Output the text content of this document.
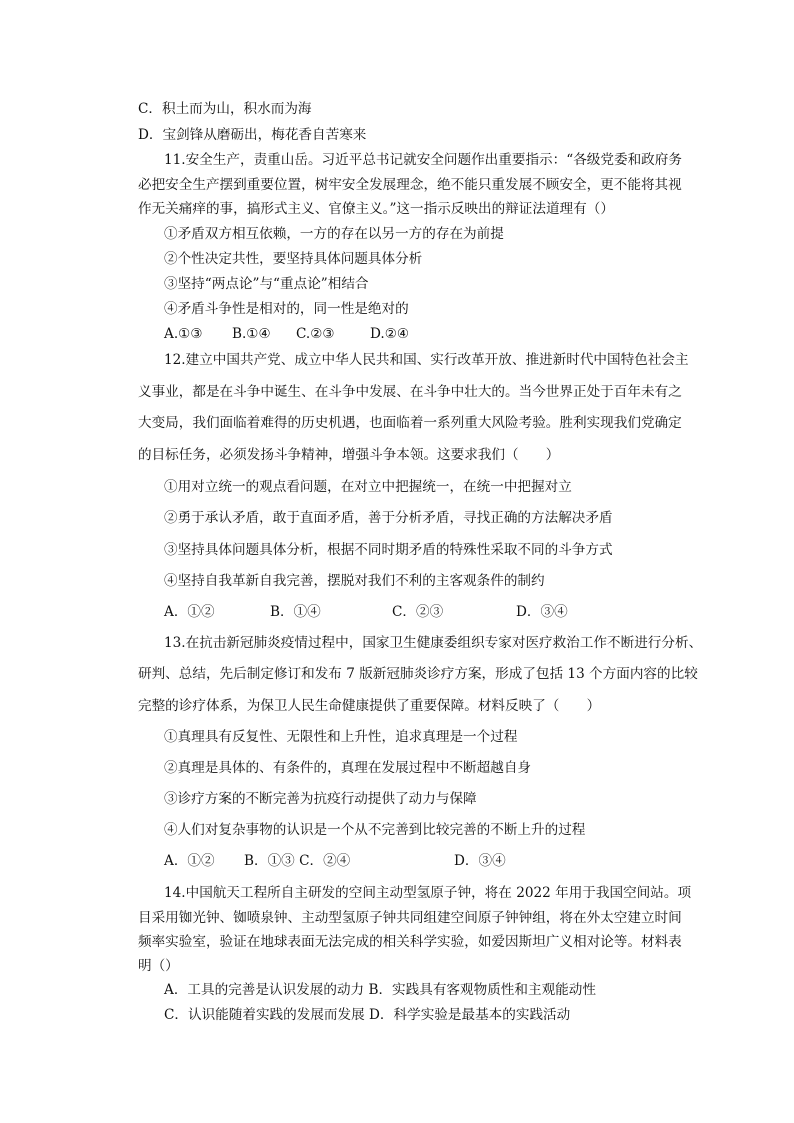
C．积土而为山，积水而为海
D．宝剑锋从磨砺出，梅花香自苦寒来
11.安全生产，责重山岳。习近平总书记就安全问题作出重要指示：“各级党委和政府务
必把安全生产摆到重要位置，树牢安全发展理念，绝不能只重发展不顾安全，更不能将其视
作无关痛痒的事，搞形式主义、官僚主义。”这一指示反映出的辩证法道理有（）
①矛盾双方相互依赖，一方的存在以另一方的存在为前提
②个性决定共性，要坚持具体问题具体分析
③坚持“两点论”与“重点论”相结合
④矛盾斗争性是相对的，同一性是绝对的
A.①③ B.①④ C.②③	D.②④
12.建立中国共产党、成立中华人民共和国、实行改革开放、推进新时代中国特色社会主
义事业，都是在斗争中诞生、在斗争中发展、在斗争中壮大的。当今世界正处于百年未有之
大变局，我们面临着难得的历史机遇，也面临着一系列重大风险考验。胜利实现我们党确定
的目标任务，必须发扬斗争精神，增强斗争本领。这要求我们（　　）
①用对立统一的观点看问题，在对立中把握统一，在统一中把握对立
②勇于承认矛盾，敢于直面矛盾，善于分析矛盾，寻找正确的方法解决矛盾
③坚持具体问题具体分析，根据不同时期矛盾的特殊性采取不同的斗争方式
④坚持自我革新自我完善，摆脱对我们不利的主客观条件的制约
A．①②	B．①④	C．②③	D．③④
13.在抗击新冠肺炎疫情过程中，国家卫生健康委组织专家对医疗救治工作不断进行分析、
研判、总结，先后制定修订和发布 7 版新冠肺炎诊疗方案，形成了包括 13 个方面内容的比较
完整的诊疗体系，为保卫人民生命健康提供了重要保障。材料反映了（　　）
①真理具有反复性、无限性和上升性，追求真理是一个过程
②真理是具体的、有条件的，真理在发展过程中不断超越自身
③诊疗方案的不断完善为抗疫行动提供了动力与保障
④人们对复杂事物的认识是一个从不完善到比较完善的不断上升的过程
A．①② B．①③ C．②④	D．③④
14.中国航天工程所自主研发的空间主动型氢原子钟，将在 2022 年用于我国空间站。项
目采用铷光钟、铷喷泉钟、主动型氢原子钟共同组建空间原子钟钟组，将在外太空建立时间
频率实验室，验证在地球表面无法完成的相关科学实验，如爱因斯坦广义相对论等。材料表
明（）
A．工具的完善是认识发展的动力 B．实践具有客观物质性和主观能动性
C．认识能随着实践的发展而发展 D．科学实验是最基本的实践活动
